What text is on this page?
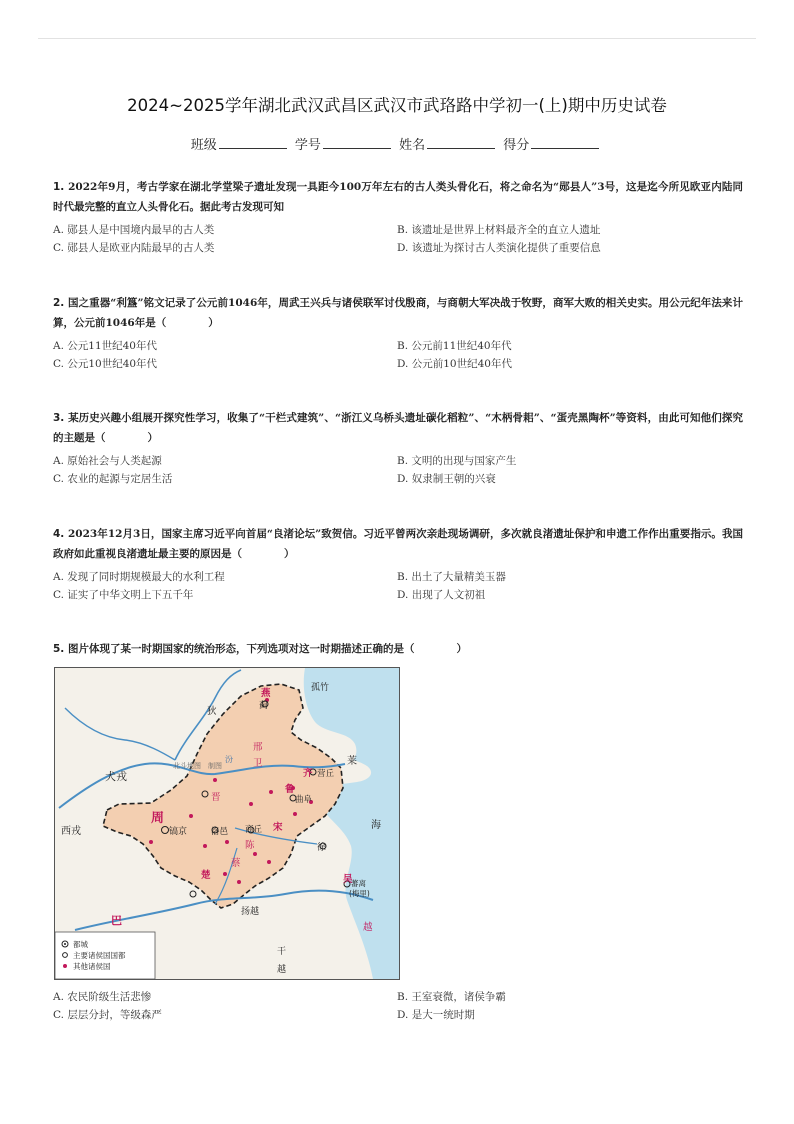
2024~2025学年湖北武汉武昌区武汉市武珞路中学初一(上)期中历史试卷
班级	学号	姓名	得分
1. 2022年9月，考古学家在湖北学堂梁子遗址发现一具距今100万年左右的古人类头骨化石，将之命名为“郧县人”3号，这是迄今所见欧亚内陆同时代最完整的直立人头骨化石。据此考古发现可知
A. 郧县人是中国境内最早的古人类	B. 该遗址是世界上材料最齐全的直立人遗址
C. 郧县人是欧亚内陆最早的古人类	D. 该遗址为探讨古人类演化提供了重要信息
2. 国之重器“利簋”铭文记录了公元前1046年，周武王兴兵与诸侯联军讨伐殷商，与商朝大军决战于牧野，商军大败的相关史实。用公元纪年法来计算，公元前1046年是（　　　　）
A. 公元11世纪40年代	B. 公元前11世纪40年代
C. 公元10世纪40年代	D. 公元前10世纪40年代
3. 某历史兴趣小组展开探究性学习，收集了“干栏式建筑”、“浙江义乌桥头遗址碳化稻粒”、“木柄骨耜”、“蛋壳黑陶杯”等资料，由此可知他们探究的主题是（　　　　）
A. 原始社会与人类起源	B. 文明的出现与国家产生
C. 农业的起源与定居生活	D. 奴隶制王朝的兴衰
4. 2023年12月3日，国家主席习近平向首届“良渚论坛”致贺信。习近平曾两次亲赴现场调研，多次就良渚遗址保护和申遗工作作出重要指示。我国政府如此重视良渚遗址最主要的原因是（　　　　）
A. 发现了同时期规模最大的水利工程	B. 出土了大量精美玉器
C. 证实了中华文明上下五千年	D. 出现了人文初祖
5. 图片体现了某一时期国家的统治形态，下列选项对这一时期描述正确的是（　　　　）
犬戎
西戎
狄
孤竹
燕
蓟
邢
卫
齐 营丘
莱
鲁
曲阜
周
镐京	洛邑 商丘 宋
陈
蔡
徐
楚
巴
扬越
吴
蕃离
(梅里)
越
干
越
海
北斗地图　制图
晋
汾
都城
主要诸侯国国都
其他诸侯国
A. 农民阶级生活悲惨	B. 王室衰微，诸侯争霸
C. 层层分封，等级森严	D. 是大一统时期
